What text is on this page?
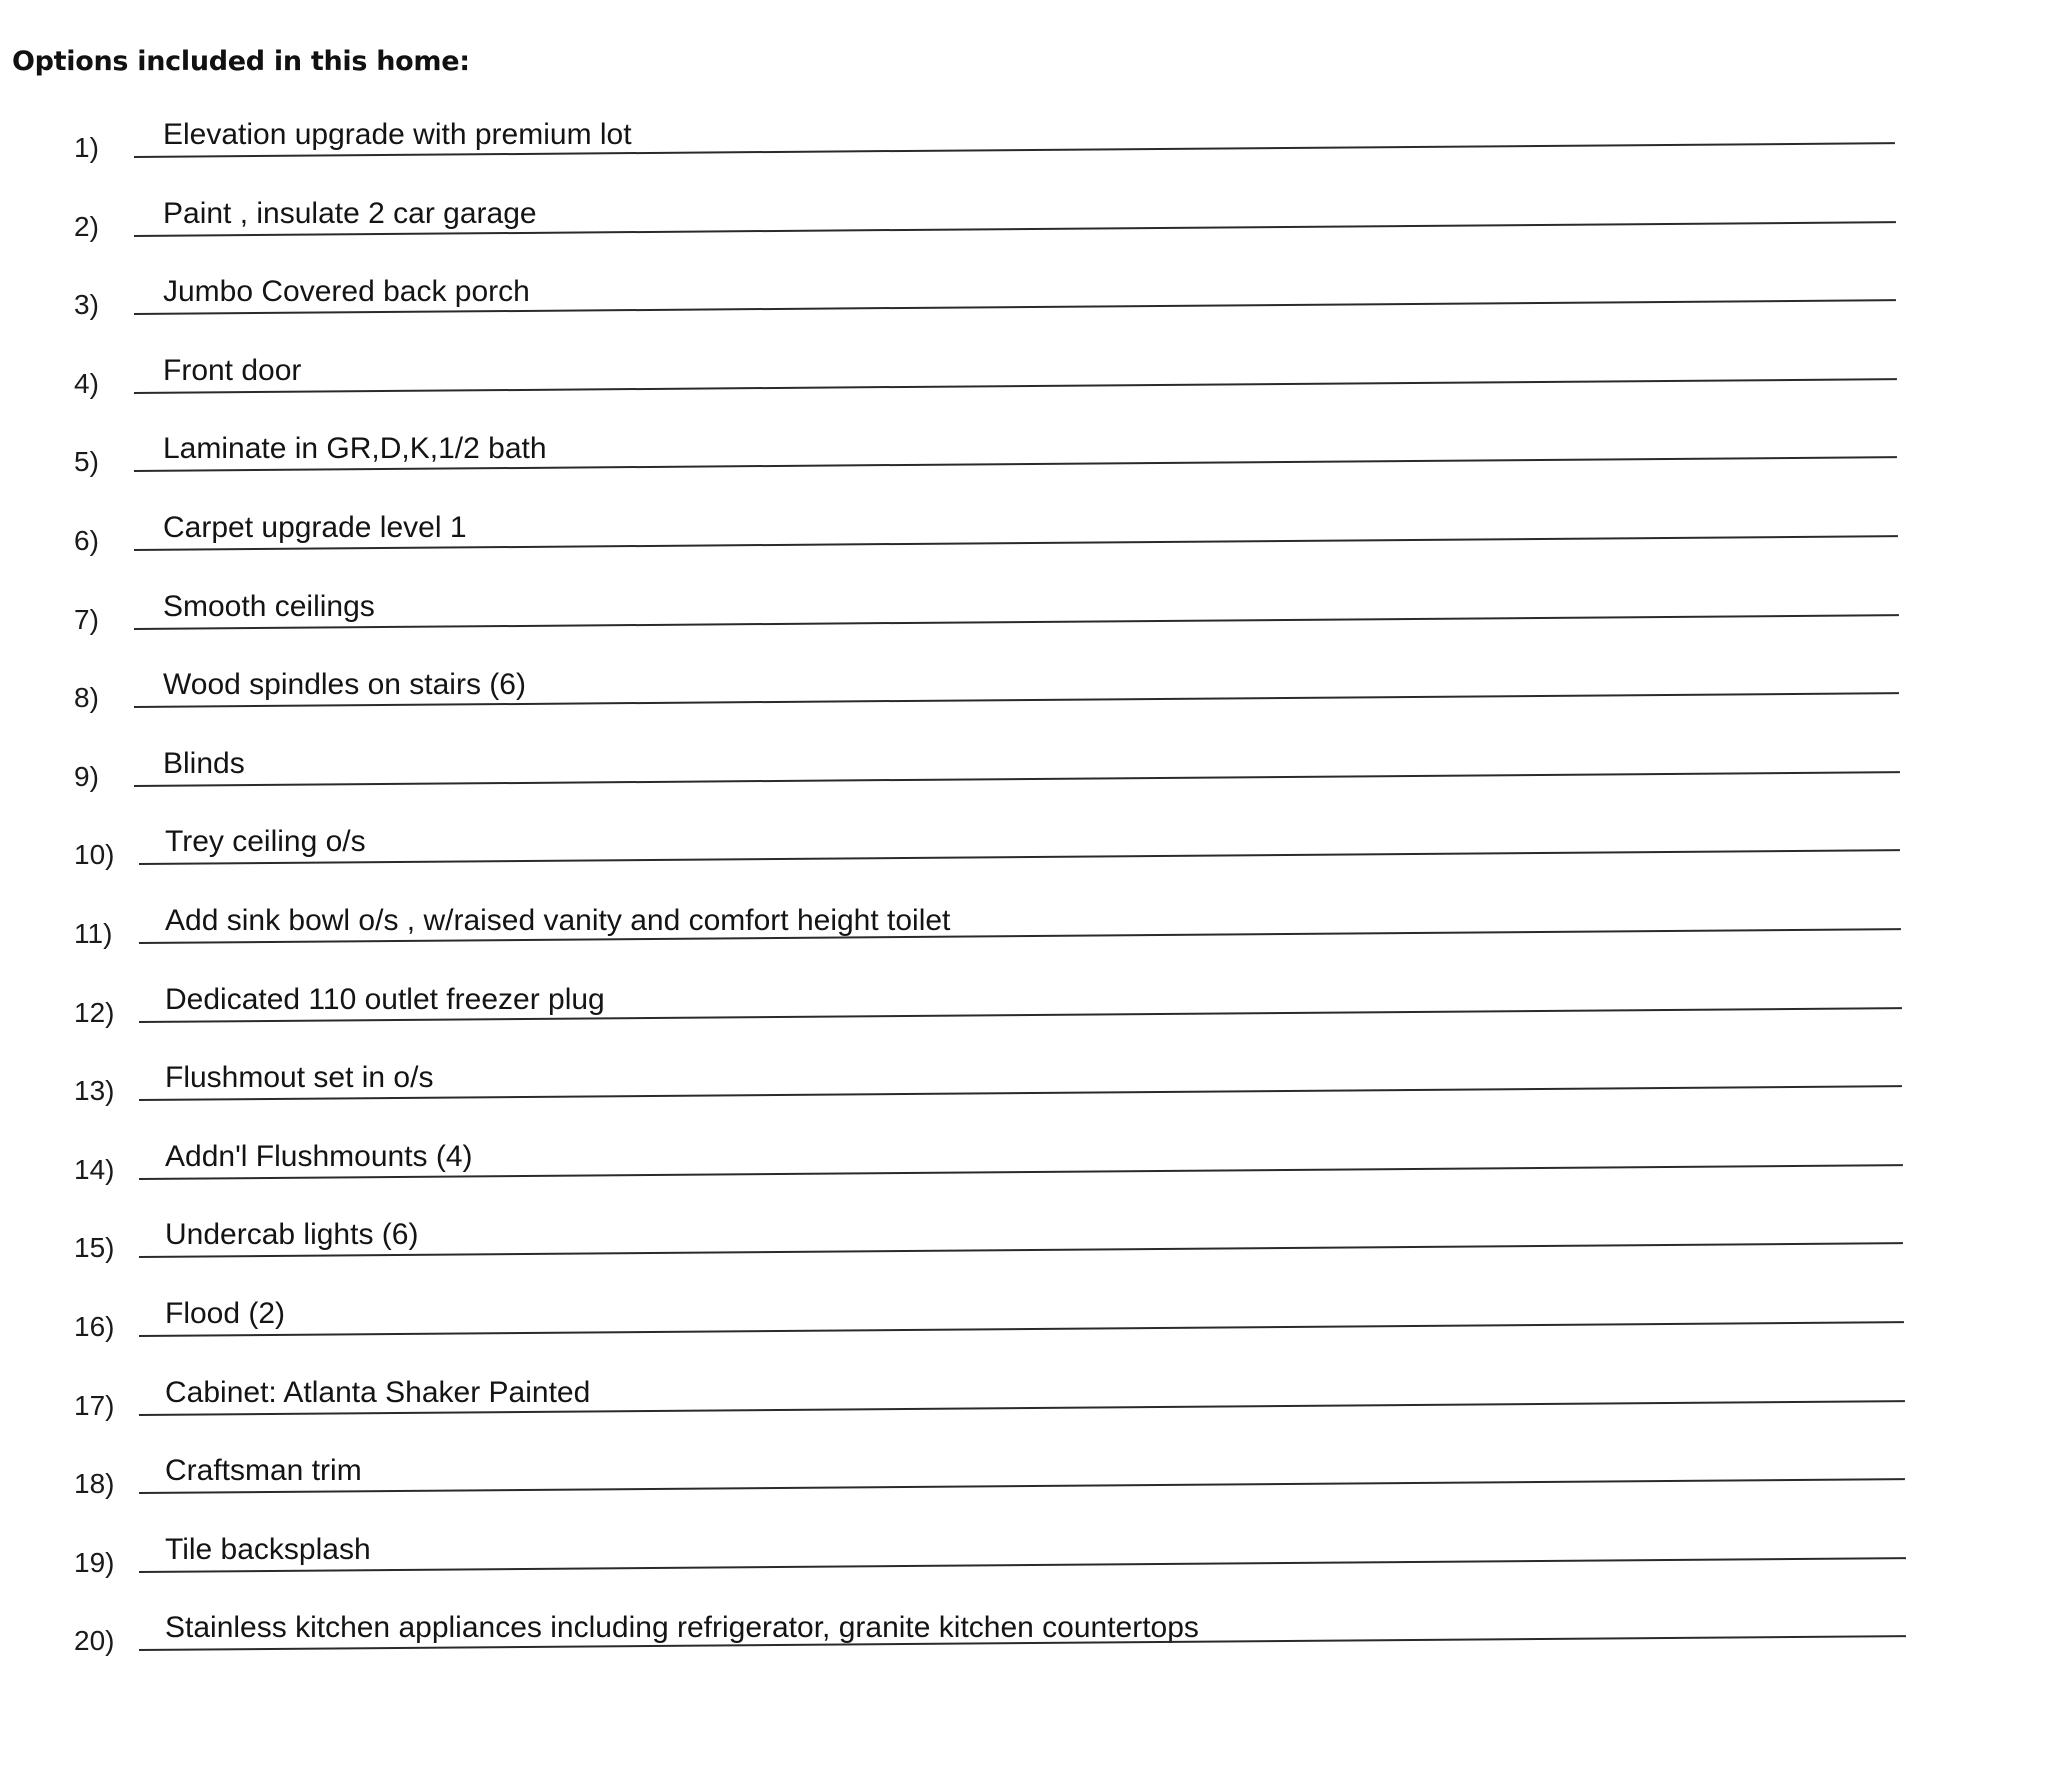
Options included in this home:
1) Elevation upgrade with premium lot
2) Paint , insulate 2 car garage
3) Jumbo Covered back porch
4) Front door
5) Laminate in GR,D,K,1/2 bath
6) Carpet upgrade level 1
7) Smooth ceilings
8) Wood spindles on stairs (6)
9) Blinds
10) Trey ceiling o/s
11) Add sink bowl o/s , w/raised vanity and comfort height toilet
12) Dedicated 110 outlet freezer plug
13) Flushmout set in o/s
14) Addn'l Flushmounts (4)
15) Undercab lights (6)
16) Flood (2)
17) Cabinet: Atlanta Shaker Painted
18) Craftsman trim
19) Tile backsplash
20) Stainless kitchen appliances including refrigerator, granite kitchen countertops
